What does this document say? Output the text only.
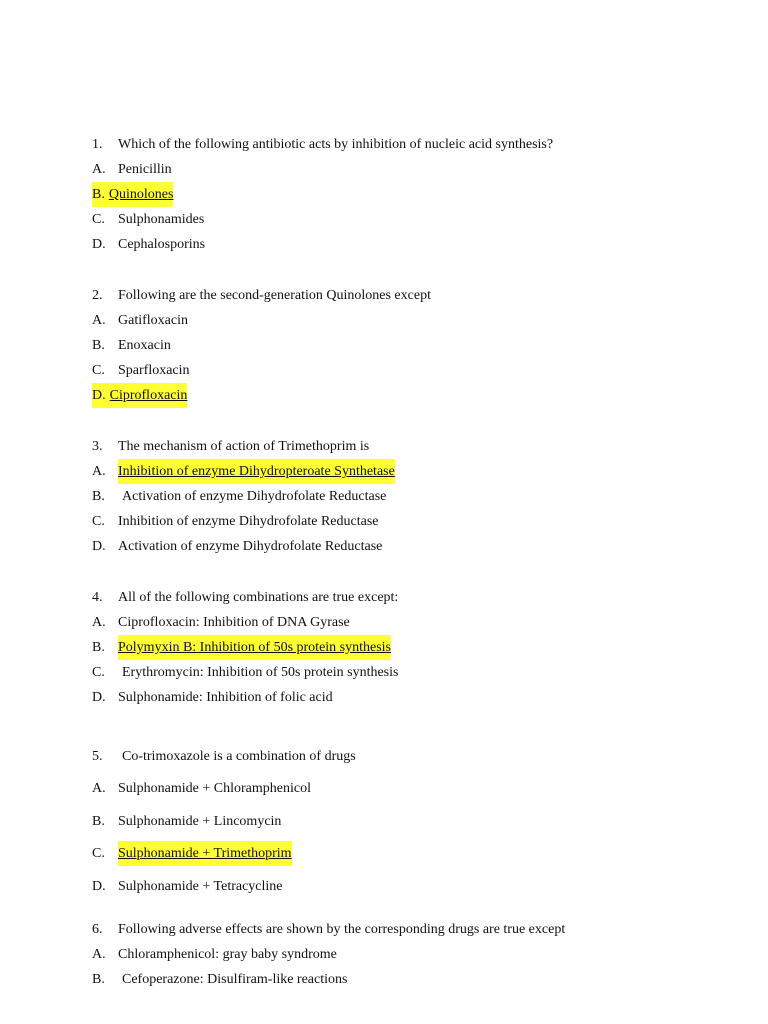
1.	Which of the following antibiotic acts by inhibition of nucleic acid synthesis?
A. Penicillin
B. Quinolones
C. Sulphonamides
D. Cephalosporins
2.	Following are the second-generation Quinolones except
A. Gatifloxacin
B. Enoxacin
C. Sparfloxacin
D. Ciprofloxacin
3.	The mechanism of action of Trimethoprim is
A. Inhibition of enzyme Dihydropteroate Synthetase
B.	Activation of enzyme Dihydrofolate Reductase
C. Inhibition of enzyme Dihydrofolate Reductase
D. Activation of enzyme Dihydrofolate Reductase
4.	All of the following combinations are true except:
A. Ciprofloxacin: Inhibition of DNA Gyrase
B. Polymyxin B: Inhibition of 50s protein synthesis
C.	Erythromycin: Inhibition of 50s protein synthesis
D. Sulphonamide: Inhibition of folic acid
5.	Co-trimoxazole is a combination of drugs
A. Sulphonamide + Chloramphenicol
B. Sulphonamide + Lincomycin
C. Sulphonamide + Trimethoprim
D. Sulphonamide + Tetracycline
6.	Following adverse effects are shown by the corresponding drugs are true except
A. Chloramphenicol: gray baby syndrome
B.	Cefoperazone: Disulfiram-like reactions
